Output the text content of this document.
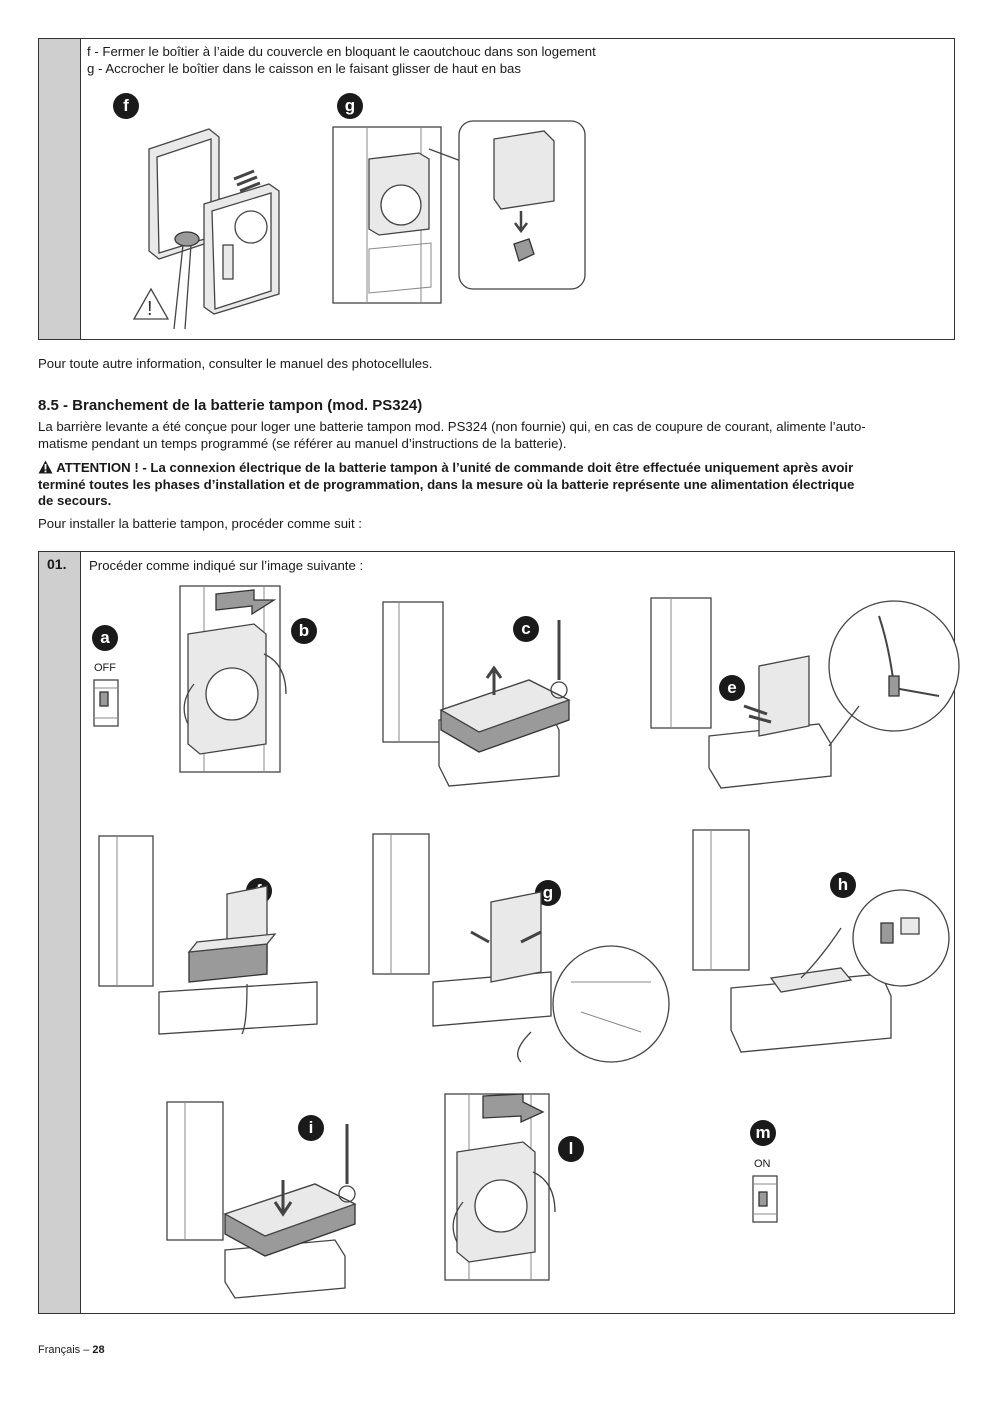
f - Fermer le boîtier à l’aide du couvercle en bloquant le caoutchouc dans son logement
g - Accrocher le boîtier dans le caisson en le faisant glisser de haut en bas
f	g
!
Pour toute autre information, consulter le manuel des photocellules.
8.5 - Branchement de la batterie tampon (mod. PS324)
La barrière levante a été conçue pour loger une batterie tampon mod. PS324 (non fournie) qui, en cas de coupure de courant, alimente l’auto-
matisme pendant un temps programmé (se référer au manuel d’instructions de la batterie).
ATTENTION ! - La connexion électrique de la batterie tampon à l’unité de commande doit être effectuée uniquement après avoir
terminé toutes les phases d’installation et de programmation, dans la mesure où la batterie représente une alimentation électrique
de secours.
Pour installer la batterie tampon, procéder comme suit :
01. Procéder comme indiqué sur l’image suivante :
a
OFF
b	c
e
g	h
i
l
m
ON
Français – 28
